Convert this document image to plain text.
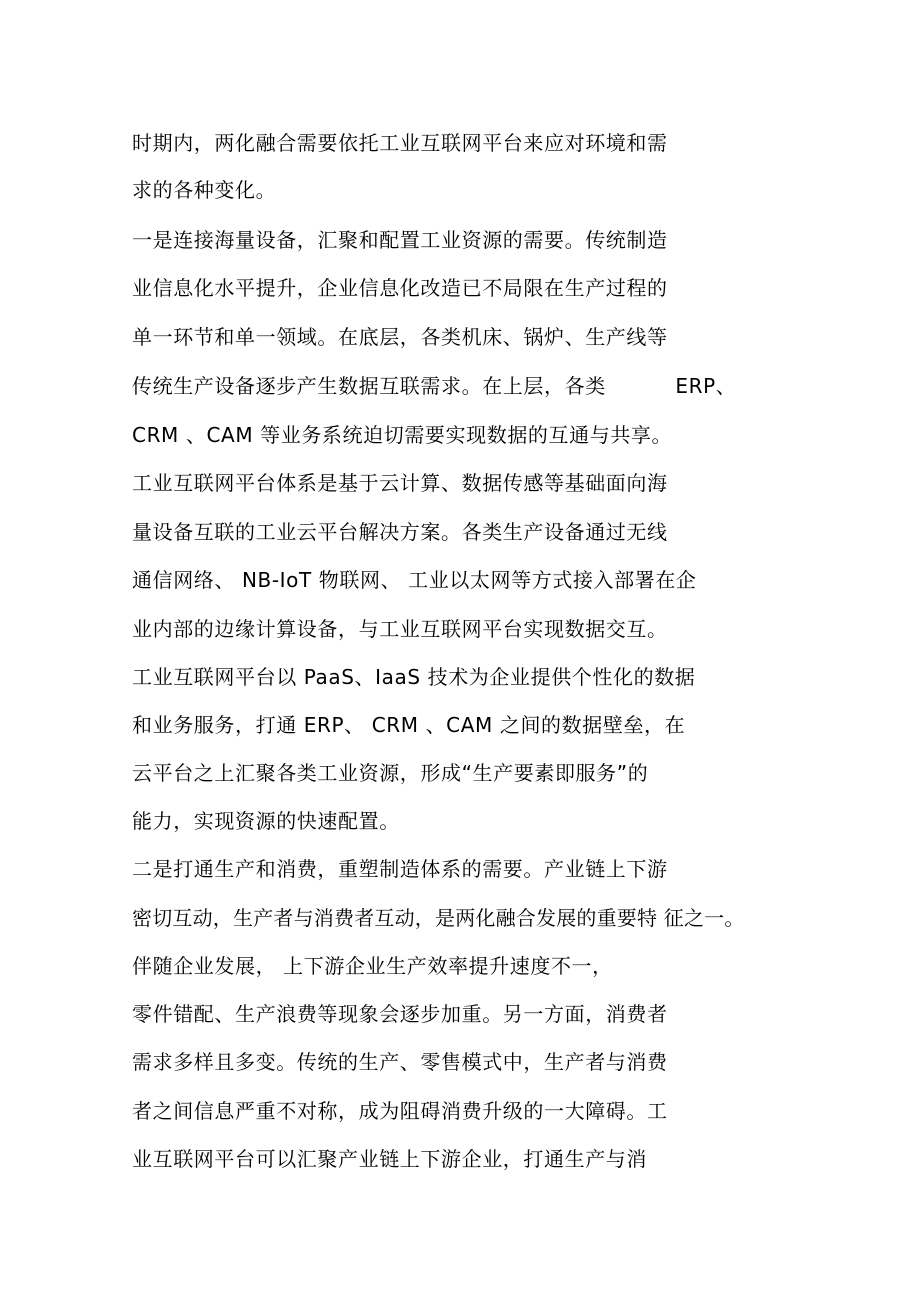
时期内，两化融合需要依托工业互联网平台来应对环境和需
求的各种变化。
一是连接海量设备，汇聚和配置工业资源的需要。传统制造
业信息化水平提升，企业信息化改造已不局限在生产过程的
单一环节和单一领域。在底层，各类机床、锅炉、生产线等
传统生产设备逐步产生数据互联需求。在上层，各类          ERP、
CRM 、CAM 等业务系统迫切需要实现数据的互通与共享。
工业互联网平台体系是基于云计算、数据传感等基础面向海
量设备互联的工业云平台解决方案。各类生产设备通过无线
通信网络、 NB-IoT 物联网、 工业以太网等方式接入部署在企
业内部的边缘计算设备，与工业互联网平台实现数据交互。
工业互联网平台以 PaaS、IaaS 技术为企业提供个性化的数据
和业务服务，打通 ERP、 CRM 、CAM 之间的数据壁垒，在
云平台之上汇聚各类工业资源，形成“生产要素即服务”的
能力，实现资源的快速配置。
二是打通生产和消费，重塑制造体系的需要。产业链上下游
密切互动，生产者与消费者互动，是两化融合发展的重要特 征之一。
伴随企业发展， 上下游企业生产效率提升速度不一，
零件错配、生产浪费等现象会逐步加重。另一方面，消费者
需求多样且多变。传统的生产、零售模式中，生产者与消费
者之间信息严重不对称，成为阻碍消费升级的一大障碍。工
业互联网平台可以汇聚产业链上下游企业，打通生产与消
